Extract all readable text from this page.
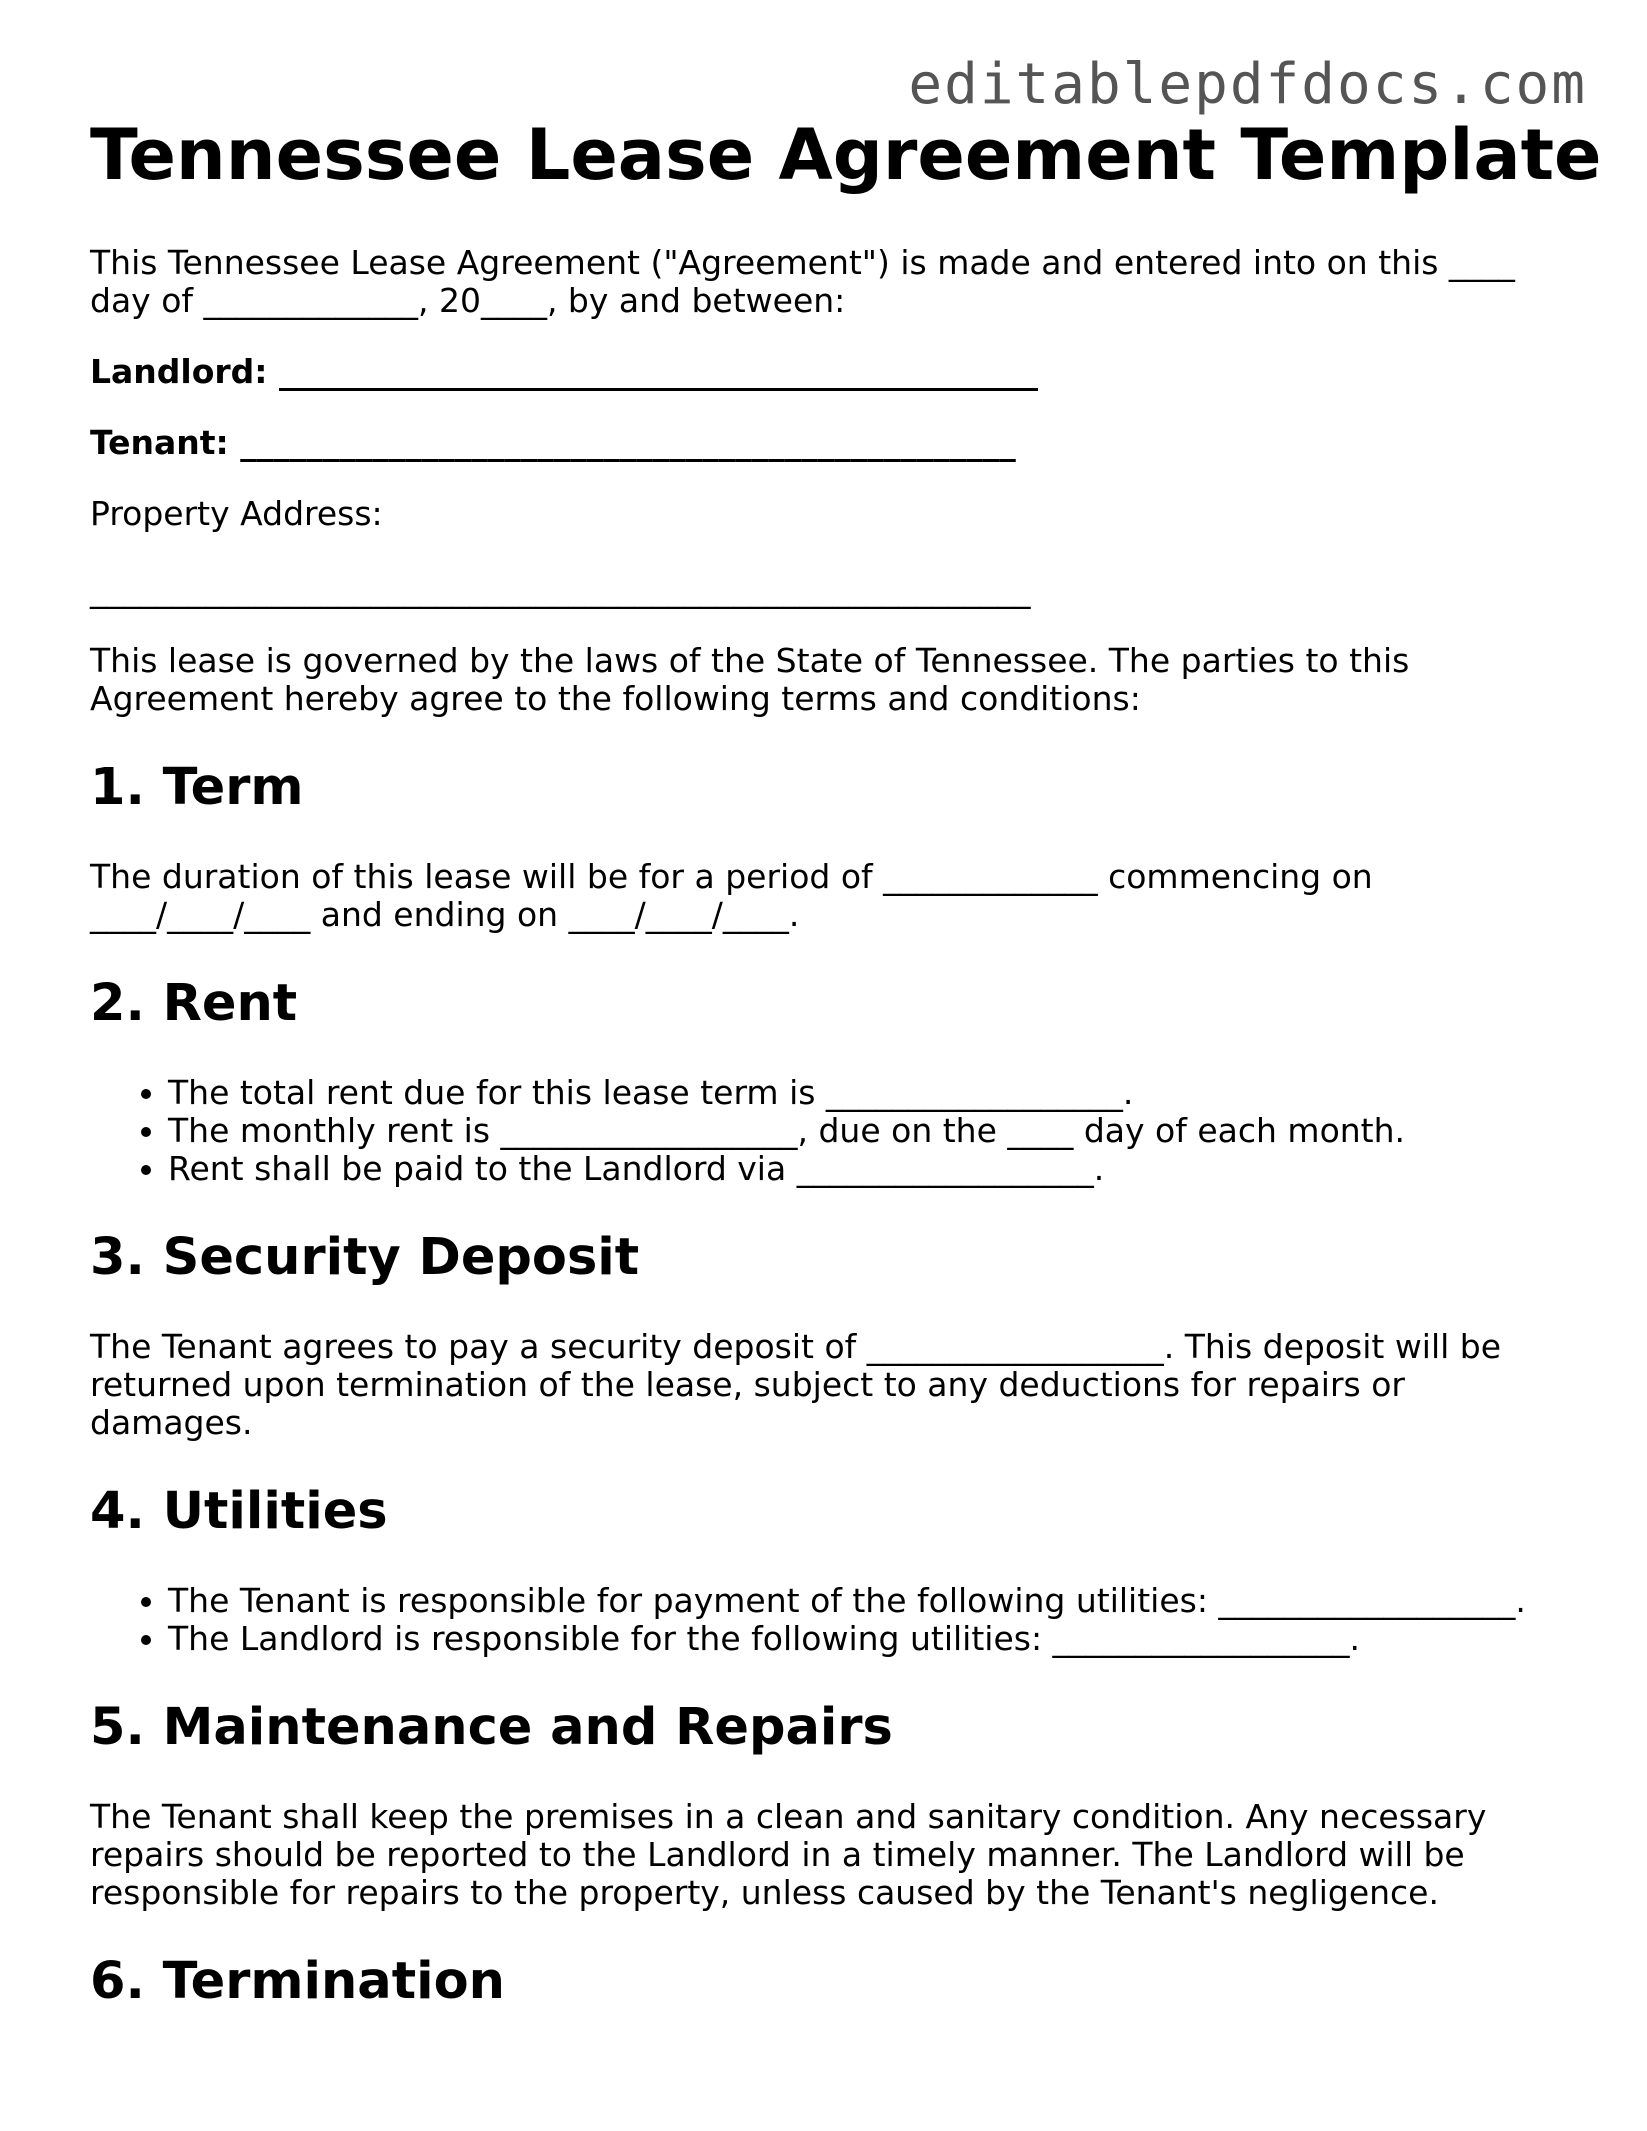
editablepdfdocs.com
Tennessee Lease Agreement Template

This Tennessee Lease Agreement ("Agreement") is made and entered into on this ____ day of _____________, 20____, by and between:

Landlord: ______________________________________________

Tenant: _______________________________________________

Property Address:

_________________________________________________________

This lease is governed by the laws of the State of Tennessee. The parties to this Agreement hereby agree to the following terms and conditions:

1. Term

The duration of this lease will be for a period of _____________ commencing on ____/____/____ and ending on ____/____/____.

2. Rent
• The total rent due for this lease term is __________________.
• The monthly rent is __________________, due on the ____ day of each month.
• Rent shall be paid to the Landlord via __________________.
3. Security Deposit

The Tenant agrees to pay a security deposit of __________________. This deposit will be returned upon termination of the lease, subject to any deductions for repairs or damages.

4. Utilities
• The Tenant is responsible for payment of the following utilities: __________________.
• The Landlord is responsible for the following utilities: __________________.
5. Maintenance and Repairs

The Tenant shall keep the premises in a clean and sanitary condition. Any necessary repairs should be reported to the Landlord in a timely manner. The Landlord will be responsible for repairs to the property, unless caused by the Tenant's negligence.

6. Termination
